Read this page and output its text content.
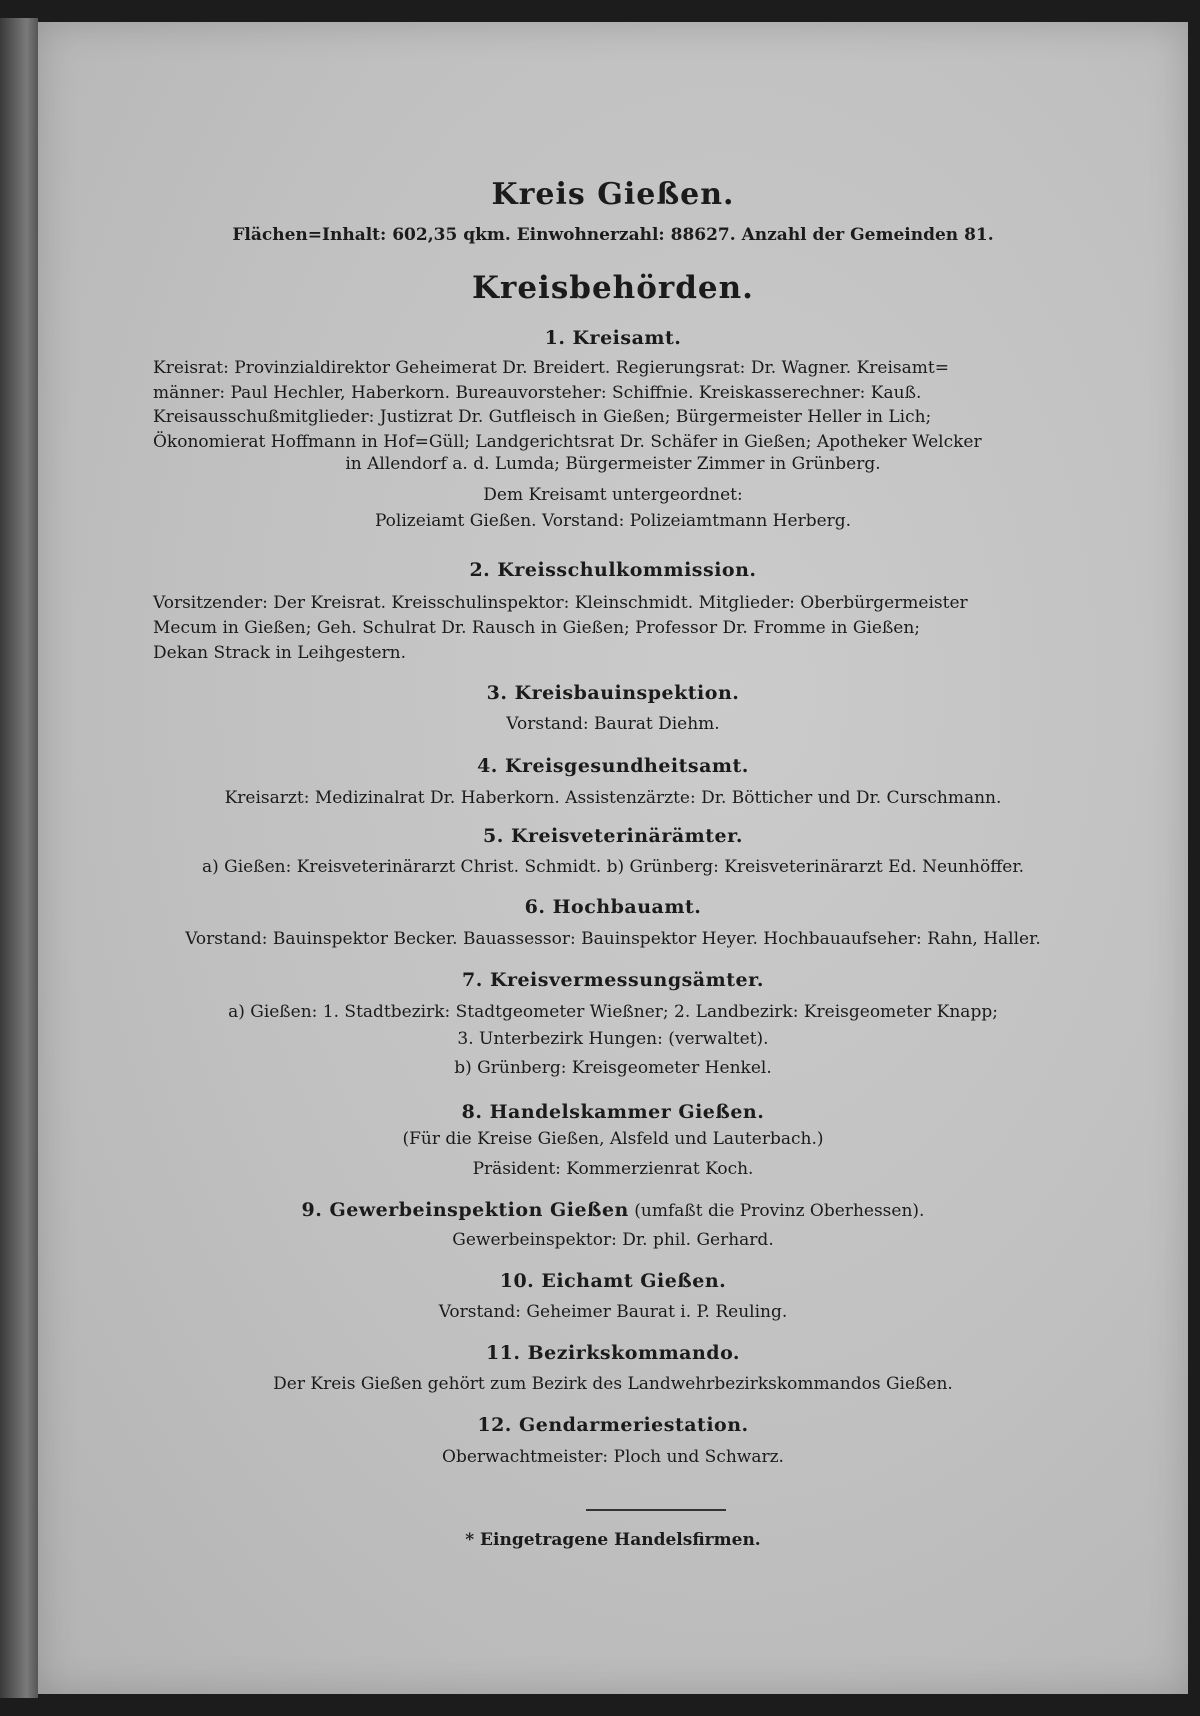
Kreis Gießen.
Flächen=Inhalt: 602,35 qkm. Einwohnerzahl: 88627. Anzahl der Gemeinden 81.
Kreisbehörden.
1. Kreisamt.
Kreisrat: Provinzialdirektor Geheimerat Dr. Breidert. Regierungsrat: Dr. Wagner. Kreisamt=
männer: Paul Hechler, Haberkorn. Bureauvorsteher: Schiffnie. Kreiskasserechner: Kauß.
Kreisausschußmitglieder: Justizrat Dr. Gutfleisch in Gießen; Bürgermeister Heller in Lich;
Ökonomierat Hoffmann in Hof=Güll; Landgerichtsrat Dr. Schäfer in Gießen; Apotheker Welcker
in Allendorf a. d. Lumda; Bürgermeister Zimmer in Grünberg.
Dem Kreisamt untergeordnet:
Polizeiamt Gießen. Vorstand: Polizeiamtmann Herberg.
2. Kreisschulkommission.
Vorsitzender: Der Kreisrat. Kreisschulinspektor: Kleinschmidt. Mitglieder: Oberbürgermeister
Mecum in Gießen; Geh. Schulrat Dr. Rausch in Gießen; Professor Dr. Fromme in Gießen;
Dekan Strack in Leihgestern.
3. Kreisbauinspektion.
Vorstand: Baurat Diehm.
4. Kreisgesundheitsamt.
Kreisarzt: Medizinalrat Dr. Haberkorn. Assistenzärzte: Dr. Bötticher und Dr. Curschmann.
5. Kreisveterinärämter.
a) Gießen: Kreisveterinärarzt Christ. Schmidt. b) Grünberg: Kreisveterinärarzt Ed. Neunhöffer.
6. Hochbauamt.
Vorstand: Bauinspektor Becker. Bauassessor: Bauinspektor Heyer. Hochbauaufseher: Rahn, Haller.
7. Kreisvermessungsämter.
a) Gießen: 1. Stadtbezirk: Stadtgeometer Wießner; 2. Landbezirk: Kreisgeometer Knapp;
3. Unterbezirk Hungen: (verwaltet).
b) Grünberg: Kreisgeometer Henkel.
8. Handelskammer Gießen.
(Für die Kreise Gießen, Alsfeld und Lauterbach.)
Präsident: Kommerzienrat Koch.
9. Gewerbeinspektion Gießen (umfaßt die Provinz Oberhessen).
Gewerbeinspektor: Dr. phil. Gerhard.
10. Eichamt Gießen.
Vorstand: Geheimer Baurat i. P. Reuling.
11. Bezirkskommando.
Der Kreis Gießen gehört zum Bezirk des Landwehrbezirkskommandos Gießen.
12. Gendarmeriestation.
Oberwachtmeister: Ploch und Schwarz.
* Eingetragene Handelsfirmen.
